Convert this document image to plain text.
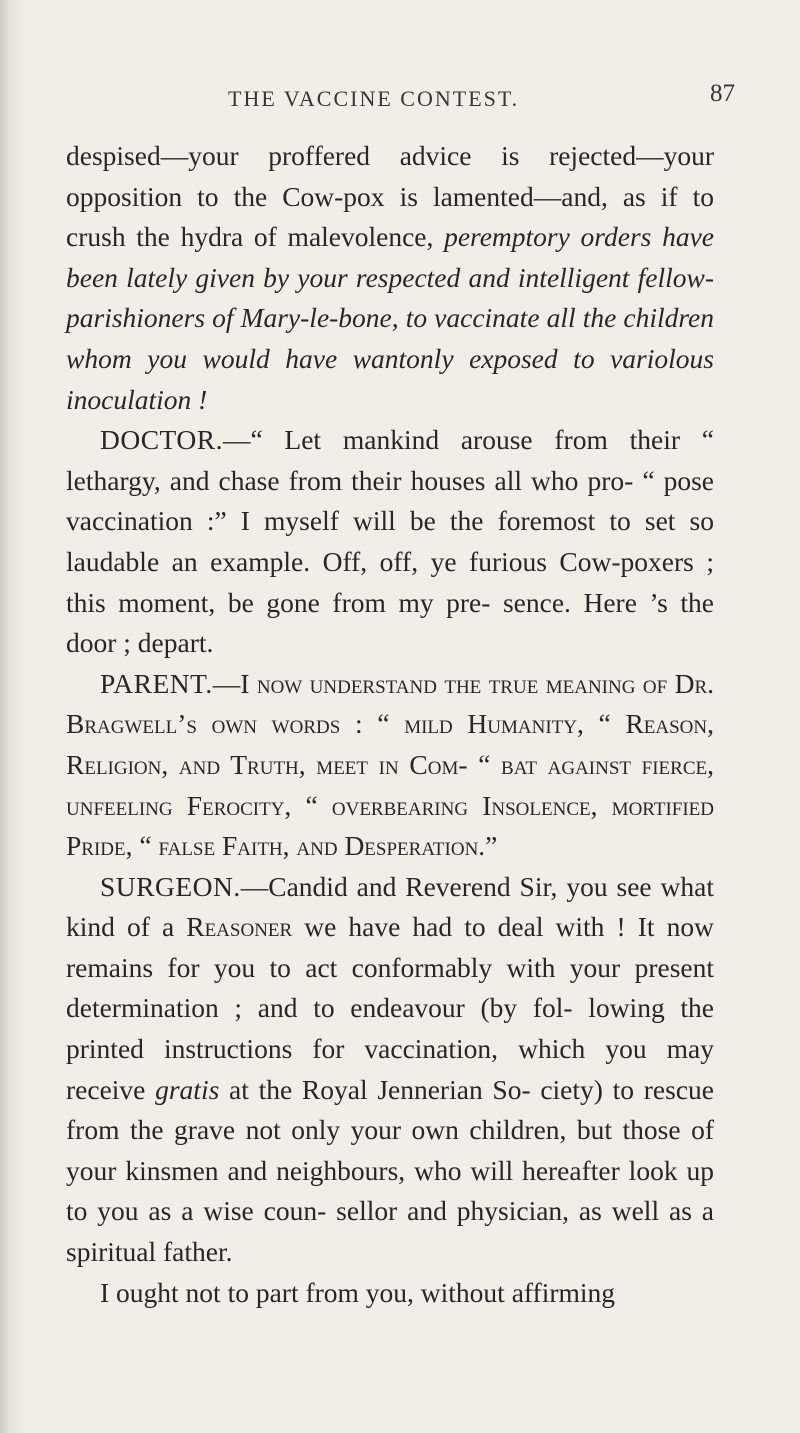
THE VACCINE CONTEST.	87

despised—your proffered advice is rejected—your opposition to the Cow-pox is lamented—and, as if to crush the hydra of malevolence, peremptory orders have been lately given by your respected and intelligent fellow-parishioners of Mary-le-bone, to vaccinate all the children whom you would have wantonly exposed to variolous inoculation !

DOCTOR.—“ Let mankind arouse from their “ lethargy, and chase from their houses all who pro- “ pose vaccination :” I myself will be the foremost to set so laudable an example. Off, off, ye furious Cow-poxers ; this moment, be gone from my pre- sence. Here ’s the door ; depart.

PARENT.—I now understand the true meaning of Dr. Bragwell’s own words : “ mild Humanity, “ Reason, Religion, and Truth, meet in Com- “ bat against fierce, unfeeling Ferocity, “ overbearing Insolence, mortified Pride, “ false Faith, and Desperation.”

SURGEON.—Candid and Reverend Sir, you see what kind of a Reasoner we have had to deal with ! It now remains for you to act conformably with your present determination ; and to endeavour (by fol- lowing the printed instructions for vaccination, which you may receive gratis at the Royal Jennerian So- ciety) to rescue from the grave not only your own children, but those of your kinsmen and neighbours, who will hereafter look up to you as a wise coun- sellor and physician, as well as a spiritual father.

I ought not to part from you, without affirming
